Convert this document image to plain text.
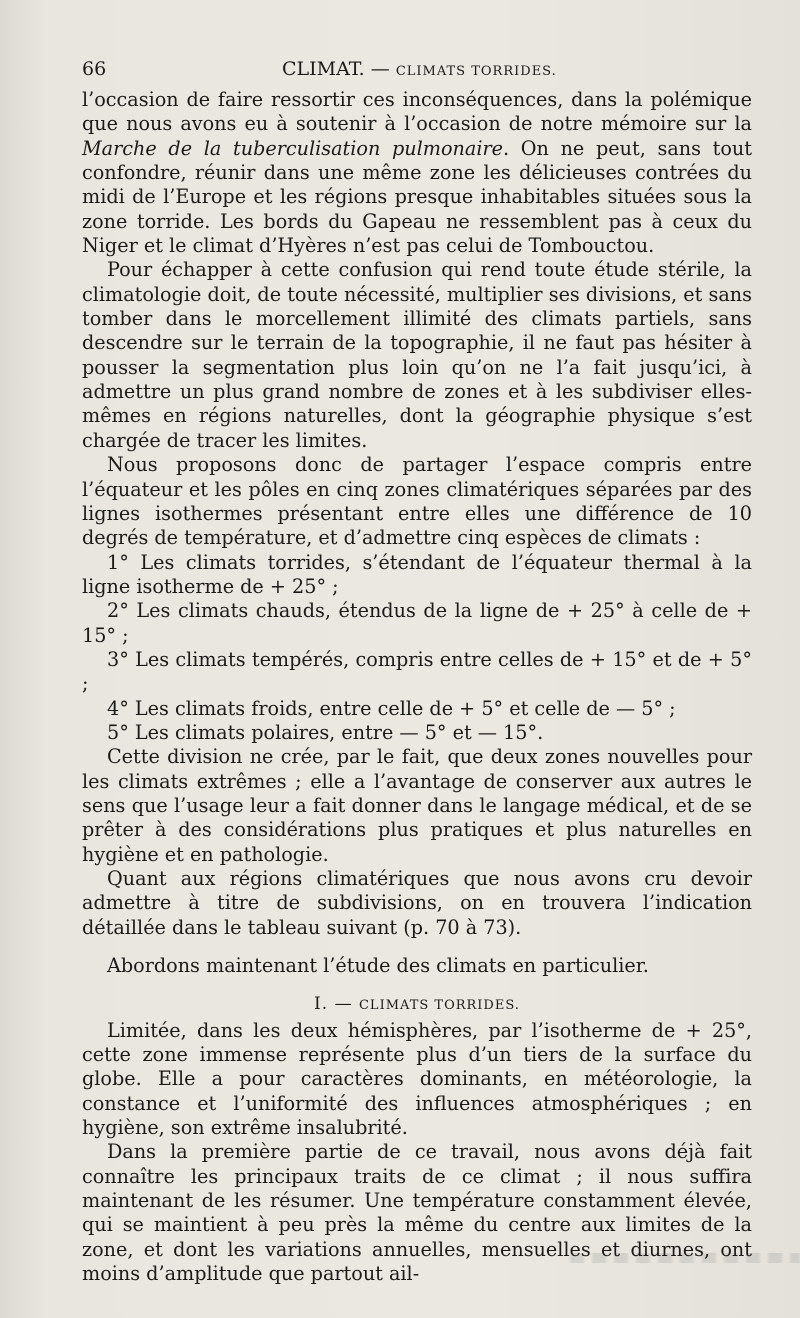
66	CLIMAT. — CLIMATS TORRIDES.

l’occasion de faire ressortir ces inconséquences, dans la polémique que nous avons eu à soutenir à l’occasion de notre mémoire sur la Marche de la tuberculisation pulmonaire. On ne peut, sans tout confondre, réunir dans une même zone les délicieuses contrées du midi de l’Europe et les régions presque inhabitables situées sous la zone torride. Les bords du Gapeau ne ressemblent pas à ceux du Niger et le climat d’Hyères n’est pas celui de Tombouctou.

Pour échapper à cette confusion qui rend toute étude stérile, la climatologie doit, de toute nécessité, multiplier ses divisions, et sans tomber dans le morcellement illimité des climats partiels, sans descendre sur le terrain de la topographie, il ne faut pas hésiter à pousser la segmentation plus loin qu’on ne l’a fait jusqu’ici, à admettre un plus grand nombre de zones et à les subdiviser elles-mêmes en régions naturelles, dont la géographie physique s’est chargée de tracer les limites.

Nous proposons donc de partager l’espace compris entre l’équateur et les pôles en cinq zones climatériques séparées par des lignes isothermes présentant entre elles une différence de 10 degrés de température, et d’admettre cinq espèces de climats :

1° Les climats torrides, s’étendant de l’équateur thermal à la ligne isotherme de + 25° ;

2° Les climats chauds, étendus de la ligne de + 25° à celle de + 15° ;

3° Les climats tempérés, compris entre celles de + 15° et de + 5° ;

4° Les climats froids, entre celle de + 5° et celle de — 5° ;

5° Les climats polaires, entre — 5° et — 15°.

Cette division ne crée, par le fait, que deux zones nouvelles pour les climats extrêmes ; elle a l’avantage de conserver aux autres le sens que l’usage leur a fait donner dans le langage médical, et de se prêter à des considérations plus pratiques et plus naturelles en hygiène et en pathologie.

Quant aux régions climatériques que nous avons cru devoir admettre à titre de subdivisions, on en trouvera l’indication détaillée dans le tableau suivant (p. 70 à 73).

Abordons maintenant l’étude des climats en particulier.

I. — CLIMATS TORRIDES.

Limitée, dans les deux hémisphères, par l’isotherme de + 25°, cette zone immense représente plus d’un tiers de la surface du globe. Elle a pour caractères dominants, en météorologie, la constance et l’uniformité des influences atmosphériques ; en hygiène, son extrême insalubrité.

Dans la première partie de ce travail, nous avons déjà fait connaître les principaux traits de ce climat ; il nous suffira maintenant de les résumer. Une température constamment élevée, qui se maintient à peu près la même du centre aux limites de la zone, et dont les variations annuelles, mensuelles et diurnes, ont moins d’amplitude que partout ail-
